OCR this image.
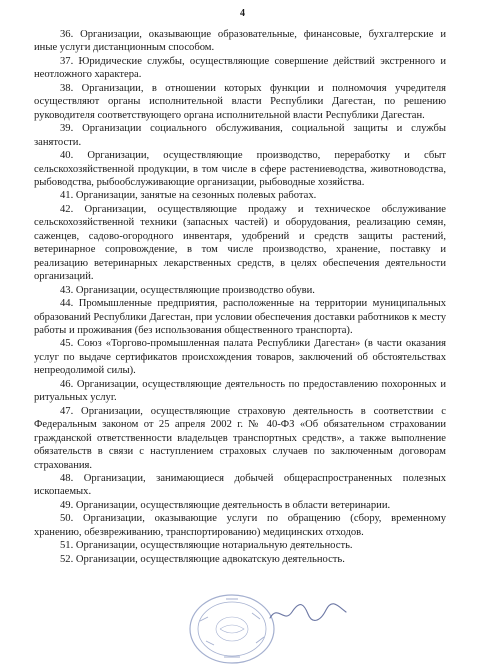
4

36. Организации, оказывающие образовательные, финансовые, бухгалтерские и иные услуги дистанционным способом.

37. Юридические службы, осуществляющие совершение действий экстренного и неотложного характера.

38. Организации, в отношении которых функции и полномочия учредителя осуществляют органы исполнительной власти Республики Дагестан, по решению руководителя соответствующего органа исполнительной власти Республики Дагестан.

39. Организации социального обслуживания, социальной защиты и службы занятости.

40. Организации, осуществляющие производство, переработку и сбыт сельскохозяйственной продукции, в том числе в сфере растениеводства, животноводства, рыбоводства, рыбообслуживающие организации, рыбоводные хозяйства.

41. Организации, занятые на сезонных полевых работах.

42. Организации, осуществляющие продажу и техническое обслуживание сельскохозяйственной техники (запасных частей) и оборудования, реализацию семян, саженцев, садово-огородного инвентаря, удобрений и средств защиты растений, ветеринарное сопровождение, в том числе производство, хранение, поставку и реализацию ветеринарных лекарственных средств, в целях обеспечения деятельности организаций.

43. Организации, осуществляющие производство обуви.

44. Промышленные предприятия, расположенные на территории муниципальных образований Республики Дагестан, при условии обеспечения доставки работников к месту работы и проживания (без использования общественного транспорта).

45. Союз «Торгово-промышленная палата Республики Дагестан» (в части оказания услуг по выдаче сертификатов происхождения товаров, заключений об обстоятельствах непреодолимой силы).

46. Организации, осуществляющие деятельность по предоставлению похоронных и ритуальных услуг.

47. Организации, осуществляющие страховую деятельность в соответствии с Федеральным законом от 25 апреля 2002 г. № 40-ФЗ «Об обязательном страховании гражданской ответственности владельцев транспортных средств», а также выполнение обязательств в связи с наступлением страховых случаев по заключенным договорам страхования.

48. Организации, занимающиеся добычей общераспространенных полезных ископаемых.

49. Организации, осуществляющие деятельность в области ветеринарии.

50. Организации, оказывающие услуги по обращению (сбору, временному хранению, обезвреживанию, транспортированию) медицинских отходов.

51. Организации, осуществляющие нотариальную деятельность.

52. Организации, осуществляющие адвокатскую деятельность.
